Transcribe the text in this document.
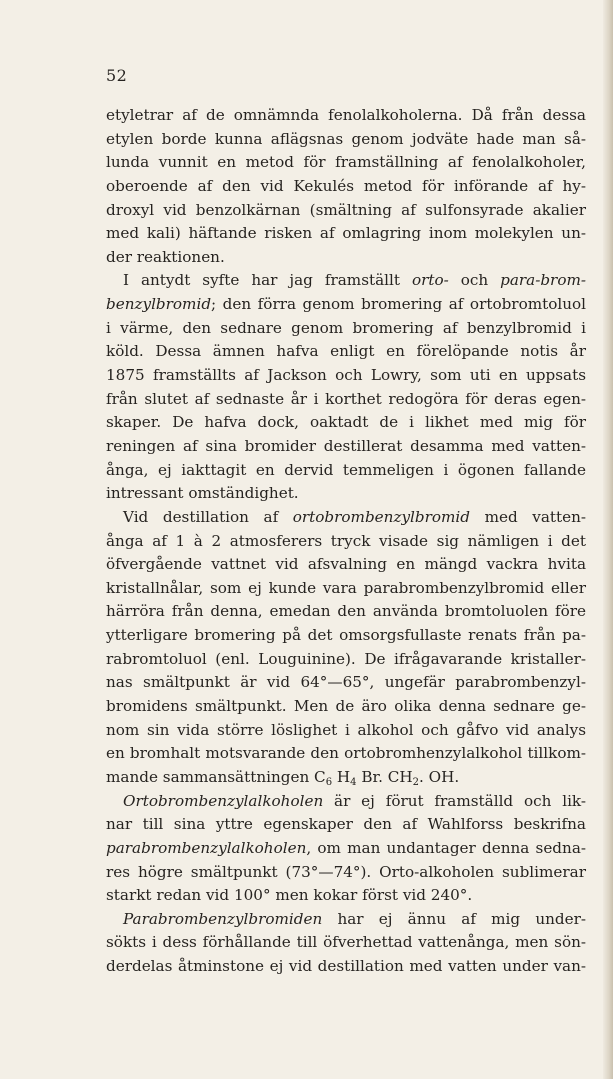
52
etyletrar af de omnämnda fenolalkoholerna. Då från dessa
etylen borde kunna aflägsnas genom jodväte hade man så-
lunda vunnit en metod för framställning af fenolalkoholer,
oberoende af den vid Kekulés metod för införande af hy-
droxyl vid benzolkärnan (smältning af sulfonsyrade akalier
med kali) häftande risken af omlagring inom molekylen un-
der reaktionen.
I antydt syfte har jag framställt orto- och para-brom-
benzylbromid; den förra genom bromering af ortobromtoluol
i värme, den sednare genom bromering af benzylbromid i
köld. Dessa ämnen hafva enligt en förelöpande notis år
1875 framställts af Jackson och Lowry, som uti en uppsats
från slutet af sednaste år i korthet redogöra för deras egen-
skaper. De hafva dock, oaktadt de i likhet med mig för
reningen af sina bromider destillerat desamma med vatten-
ånga, ej iakttagit en dervid temmeligen i ögonen fallande
intressant omständighet.
Vid destillation af ortobrombenzylbromid med vatten-
ånga af 1 à 2 atmosferers tryck visade sig nämligen i det
öfvergående vattnet vid afsvalning en mängd vackra hvita
kristallnålar, som ej kunde vara parabrombenzylbromid eller
härröra från denna, emedan den använda bromtoluolen före
ytterligare bromering på det omsorgsfullaste renats från pa-
rabromtoluol (enl. Louguinine). De ifrågavarande kristaller-
nas smältpunkt är vid 64°—65°, ungefär parabrombenzyl-
bromidens smältpunkt. Men de äro olika denna sednare ge-
nom sin vida större löslighet i alkohol och gåfvo vid analys
en bromhalt motsvarande den ortobromhenzylalkohol tillkom-
mande sammansättningen $C_6$ $H_4$ Br. $CH_2$. OH.
Ortobrombenzylalkoholen är ej förut framställd och lik-
nar till sina yttre egenskaper den af Wahlforss beskrifna
parabrombenzylalkoholen, om man undantager denna sedna-
res högre smältpunkt (73°—74°). Orto-alkoholen sublimerar
starkt redan vid 100° men kokar först vid 240°.
Parabrombenzylbromiden har ej ännu af mig under-
sökts i dess förhållande till öfverhettad vattenånga, men sön-
derdelas åtminstone ej vid destillation med vatten under van-
